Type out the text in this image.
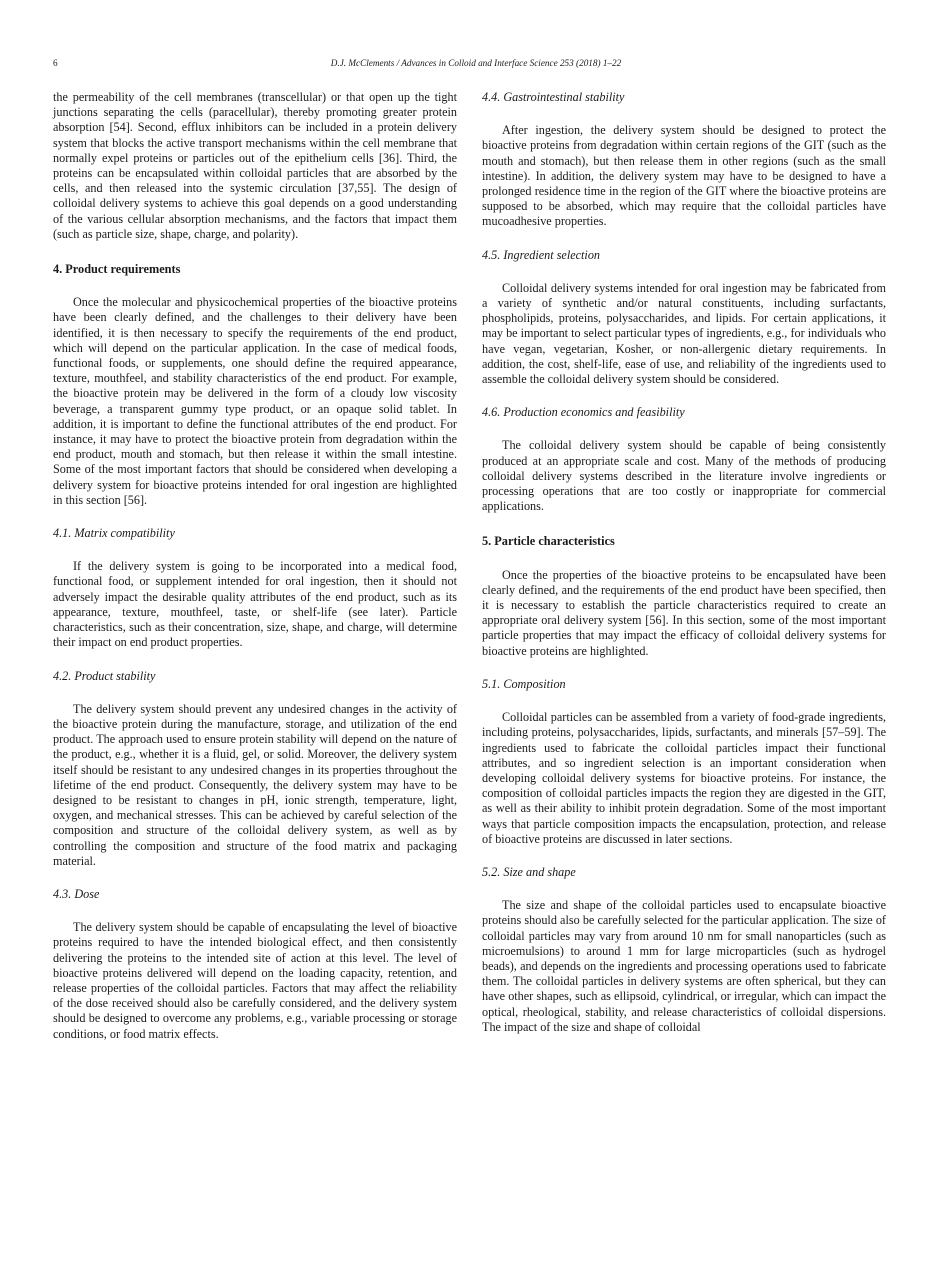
6	D.J. McClements / Advances in Colloid and Interface Science 253 (2018) 1–22

the permeability of the cell membranes (transcellular) or that open up the tight junctions separating the cells (paracellular), thereby promoting greater protein absorption [54]. Second, efflux inhibitors can be included in a protein delivery system that blocks the active transport mechanisms within the cell membrane that normally expel proteins or particles out of the epithelium cells [36]. Third, the proteins can be encapsulated within colloidal particles that are absorbed by the cells, and then released into the systemic circulation [37,55]. The design of colloidal delivery systems to achieve this goal depends on a good understanding of the various cellular absorption mechanisms, and the factors that impact them (such as particle size, shape, charge, and polarity).

4. Product requirements

Once the molecular and physicochemical properties of the bioactive proteins have been clearly defined, and the challenges to their delivery have been identified, it is then necessary to specify the requirements of the end product, which will depend on the particular application. In the case of medical foods, functional foods, or supplements, one should define the required appearance, texture, mouthfeel, and stability characteristics of the end product. For example, the bioactive protein may be delivered in the form of a cloudy low viscosity beverage, a transparent gummy type product, or an opaque solid tablet. In addition, it is important to define the functional attributes of the end product. For instance, it may have to protect the bioactive protein from degradation within the end product, mouth and stomach, but then release it within the small intestine. Some of the most important factors that should be considered when developing a delivery system for bioactive proteins intended for oral ingestion are highlighted in this section [56].

4.1. Matrix compatibility

If the delivery system is going to be incorporated into a medical food, functional food, or supplement intended for oral ingestion, then it should not adversely impact the desirable quality attributes of the end product, such as its appearance, texture, mouthfeel, taste, or shelf-life (see later). Particle characteristics, such as their concentration, size, shape, and charge, will determine their impact on end product properties.

4.2. Product stability

The delivery system should prevent any undesired changes in the activity of the bioactive protein during the manufacture, storage, and utilization of the end product. The approach used to ensure protein stability will depend on the nature of the product, e.g., whether it is a fluid, gel, or solid. Moreover, the delivery system itself should be resistant to any undesired changes in its properties throughout the lifetime of the end product. Consequently, the delivery system may have to be designed to be resistant to changes in pH, ionic strength, temperature, light, oxygen, and mechanical stresses. This can be achieved by careful selection of the composition and structure of the colloidal delivery system, as well as by controlling the composition and structure of the food matrix and packaging material.

4.3. Dose

The delivery system should be capable of encapsulating the level of bioactive proteins required to have the intended biological effect, and then consistently delivering the proteins to the intended site of action at this level. The level of bioactive proteins delivered will depend on the loading capacity, retention, and release properties of the colloidal particles. Factors that may affect the reliability of the dose received should also be carefully considered, and the delivery system should be designed to overcome any problems, e.g., variable processing or storage conditions, or food matrix effects.

4.4. Gastrointestinal stability

After ingestion, the delivery system should be designed to protect the bioactive proteins from degradation within certain regions of the GIT (such as the mouth and stomach), but then release them in other regions (such as the small intestine). In addition, the delivery system may have to be designed to have a prolonged residence time in the region of the GIT where the bioactive proteins are supposed to be absorbed, which may require that the colloidal particles have mucoadhesive properties.

4.5. Ingredient selection

Colloidal delivery systems intended for oral ingestion may be fabricated from a variety of synthetic and/or natural constituents, including surfactants, phospholipids, proteins, polysaccharides, and lipids. For certain applications, it may be important to select particular types of ingredients, e.g., for individuals who have vegan, vegetarian, Kosher, or non-allergenic dietary requirements. In addition, the cost, shelf-life, ease of use, and reliability of the ingredients used to assemble the colloidal delivery system should be considered.

4.6. Production economics and feasibility

The colloidal delivery system should be capable of being consistently produced at an appropriate scale and cost. Many of the methods of producing colloidal delivery systems described in the literature involve ingredients or processing operations that are too costly or inappropriate for commercial applications.

5. Particle characteristics

Once the properties of the bioactive proteins to be encapsulated have been clearly defined, and the requirements of the end product have been specified, then it is necessary to establish the particle characteristics required to create an appropriate oral delivery system [56]. In this section, some of the most important particle properties that may impact the efficacy of colloidal delivery systems for bioactive proteins are highlighted.

5.1. Composition

Colloidal particles can be assembled from a variety of food-grade ingredients, including proteins, polysaccharides, lipids, surfactants, and minerals [57–59]. The ingredients used to fabricate the colloidal particles impact their functional attributes, and so ingredient selection is an important consideration when developing colloidal delivery systems for bioactive proteins. For instance, the composition of colloidal particles impacts the region they are digested in the GIT, as well as their ability to inhibit protein degradation. Some of the most important ways that particle composition impacts the encapsulation, protection, and release of bioactive proteins are discussed in later sections.

5.2. Size and shape

The size and shape of the colloidal particles used to encapsulate bioactive proteins should also be carefully selected for the particular application. The size of colloidal particles may vary from around 10 nm for small nanoparticles (such as microemulsions) to around 1 mm for large microparticles (such as hydrogel beads), and depends on the ingredients and processing operations used to fabricate them. The colloidal particles in delivery systems are often spherical, but they can have other shapes, such as ellipsoid, cylindrical, or irregular, which can impact the optical, rheological, stability, and release characteristics of colloidal dispersions. The impact of the size and shape of colloidal
